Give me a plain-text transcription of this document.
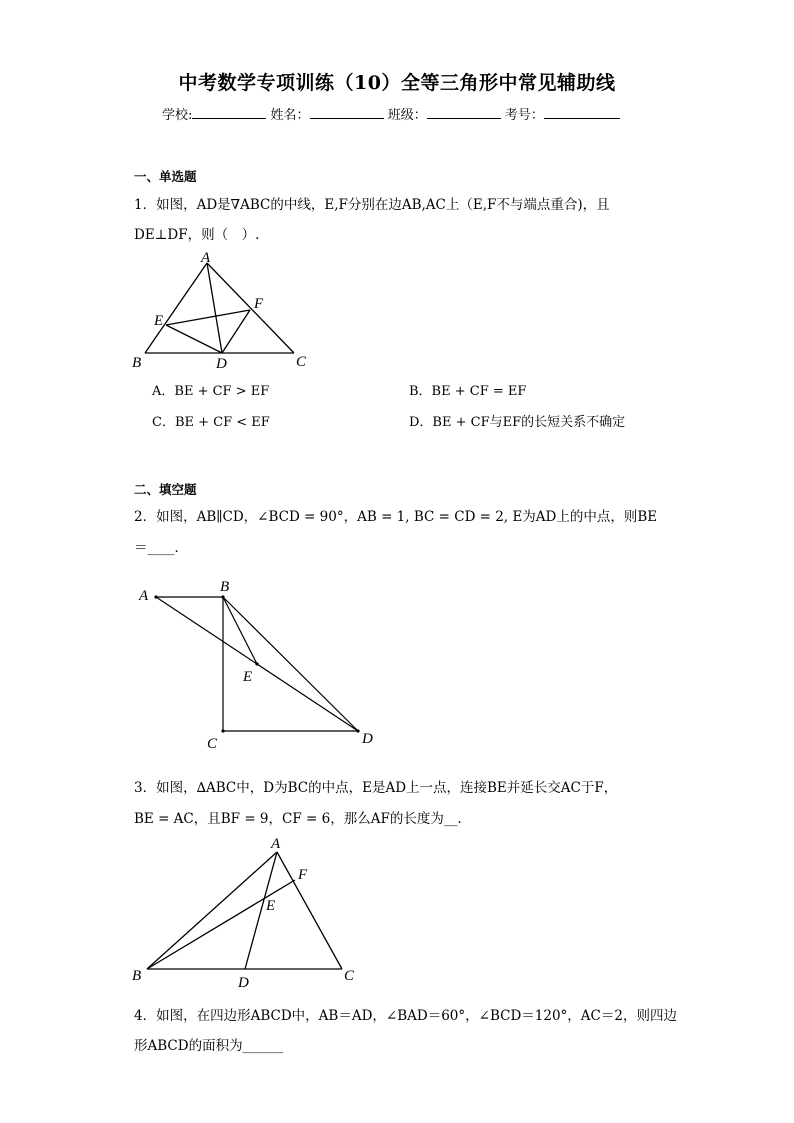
中考数学专项训练（10）全等三角形中常见辅助线
学校:	姓名：	班级：	考号：
一、单选题
1．如图，AD是∇ABC的中线，E,F分别在边AB,AC上（E,F不与端点重合)，且
DE⊥DF，则（　）.
A
B	C
D
E
F
A．BE + CF > EF	B．BE + CF = EF
C．BE + CF < EF	D．BE + CF与EF的长短关系不确定
二、填空题
2．如图，AB∥CD，∠BCD = 90°，AB = 1, BC = CD = 2, E为AD上的中点，则BE
＝____．
A
B
C	D
E
3．如图，∆ABC中，D为BC的中点，E是AD上一点，连接BE并延长交AC于F，
BE = AC，且BF = 9，CF = 6，那么AF的长度为__.
A
B	C
D
E
F
4．如图，在四边形ABCD中，AB＝AD，∠BAD＝60°，∠BCD＝120°，AC＝2，则四边
形ABCD的面积为______
